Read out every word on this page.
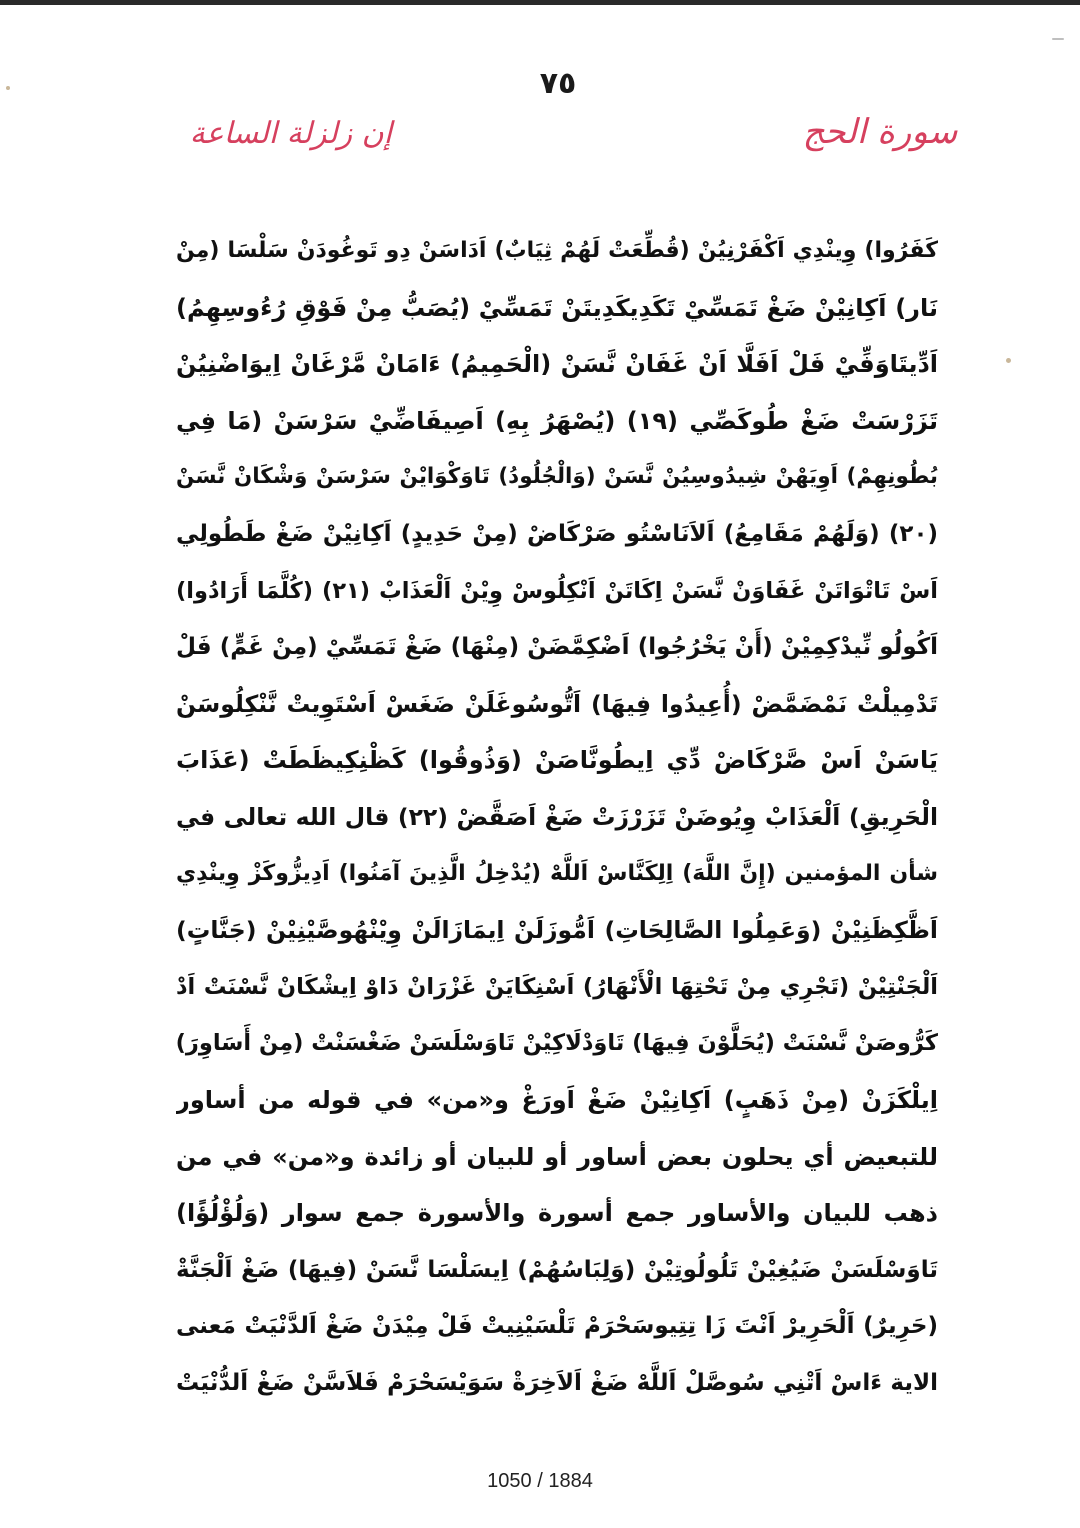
٧٥
سورة الحج
إن زلزلة الساعة
كَفَرُوا) وِينْدِي اَكْفَرْنِيُنْ (قُطِّعَتْ لَهُمْ ثِيَابٌ) اَدَاسَنْ دِو تَوغُودَنْ سَلْسَا (مِنْ
نَار) اَكِانِيْنْ ضَغْ تَمَسِّيْ تَكَدِيكَدِيتَنْ تَمَسِّيْ (يُصَبُّ مِنْ فَوْقِ رُءُوسِهِمُ)
اَدِّيتَاوَفِّيْ فَلْ اَفَلَّا اَنْ غَفَانْ نَّسَنْ (الْحَمِيمُ) ءَامَانْ مَّرْغَانْ اِيوَاضْنِيُنْ
تَزَرْسَتْ ضَغْ طُوكَصِّي (١٩) (يُصْهَرُ بِهِ) اَصِيفَاضِّيْ سَرْسَنْ (مَا فِي
بُطُونِهِمْ) اَوِيَهْنْ شِيدُوسِيُنْ نَّسَنْ (وَالْجُلُودُ) تَاوَكْوَايْنْ سَرْسَنْ وَشْكَانْ نَّسَنْ
(٢٠) (وَلَهُمْ مَقَامِعُ) اَلاَنَاسْتُو صَرْكَاضْ (مِنْ حَدِيدٍ) اَكِانِيْنْ ضَغْ طَطُولِي
اَسْ تَاتْوَاتَنْ غَفَاوَنْ نَّسَنْ اِكَاتَنْ اَنْكِلُوسْ وِيْنْ اَلْعَذَابْ (٢١) (كُلَّمَا أَرَادُوا)
اَكُولُو نِّيدْكِمِيْنْ (أَنْ يَخْرُجُوا) اَضْكِمَّضَنْ (مِنْهَا) ضَغْ تَمَسِّيْ (مِنْ غَمٍّ) فَلْ
تَدْمِيلْتْ نَمْضَمَّضْ (أُعِيدُوا فِيهَا) اَتُّوسُوغَلَنْ ضَغَسْ اَسْتَوِيتْ نَّنْكِلُوسَنْ
يَاسَنْ اَسْ صَّرْكَاضْ دِّي اِيطُونَّاصَنْ (وَذُوقُوا) كَظْنِكِيظَطَتْ (عَذَابَ
الْحَرِيقِ) اَلْعَذَابْ وِيُوضَنْ تَزَرْزَتْ ضَغْ اَصَقَّضْ (٢٢) قال الله تعالى في
شأن المؤمنين (إِنَّ اللَّهَ) اِلِكَنَّاسْ اَللَّهْ (يُدْخِلُ الَّذِينَ آمَنُوا) اَدِيزُّوكَزْ وِينْدِي
اَظَّكِظَنِيْنْ (وَعَمِلُوا الصَّالِحَاتِ) اَمُّوزَلَنْ اِيمَازَالَنْ وِيْنْهُوصَّيْنِيْنْ (جَنَّاتٍ)
اَلْجَنْتِيْنْ (تَجْرِي مِنْ تَحْتِهَا الْأَنْهَارُ) اَسْنِكَايَنْ غَزْرَانْ دَاوْ اِيشْكَانْ نَّسْنَتْ اَدْ
كَرُّوصَنْ نَّسْنَتْ (يُحَلَّوْنَ فِيهَا) تَاوَدْلَاكِيْنْ تَاوَسْلَسَنْ ضَغْسَنْتْ (مِنْ أَسَاوِرَ)
اِيلْكَزَنْ (مِنْ ذَهَبٍ) اَكِانِيْنْ ضَغْ اَورَغْ و«من» في قوله من أساور
للتبعيض أي يحلون بعض أساور أو للبيان أو زائدة و«من» في من
ذهب للبيان والأساور جمع أسورة والأسورة جمع سوار (وَلُؤْلُؤًا)
تَاوَسْلَسَنْ ضَيُغِيْنْ تَلُولُوتِيْنْ (وَلِبَاسُهُمْ) اِيسَلْسَا نَّسَنْ (فِيهَا) ضَغْ اَلْجَنَّةْ
(حَرِيرٌ) اَلْحَرِيرْ اَنْتَ زَا تِتِيوسَحْرَمْ تَلْسَيْنِيتْ فَلْ مِيْدَنْ ضَغْ اَلدَّنْيَتْ مَعنى
الاية ءَاسْ اَتْنِي سُوصَّلْ اَللَّهْ ضَغْ اَلاَخِرَةْ سَوَيْسَحْرَمْ فَلاَسَّنْ ضَغْ اَلدُّنْيَتْ
1050 / 1884
